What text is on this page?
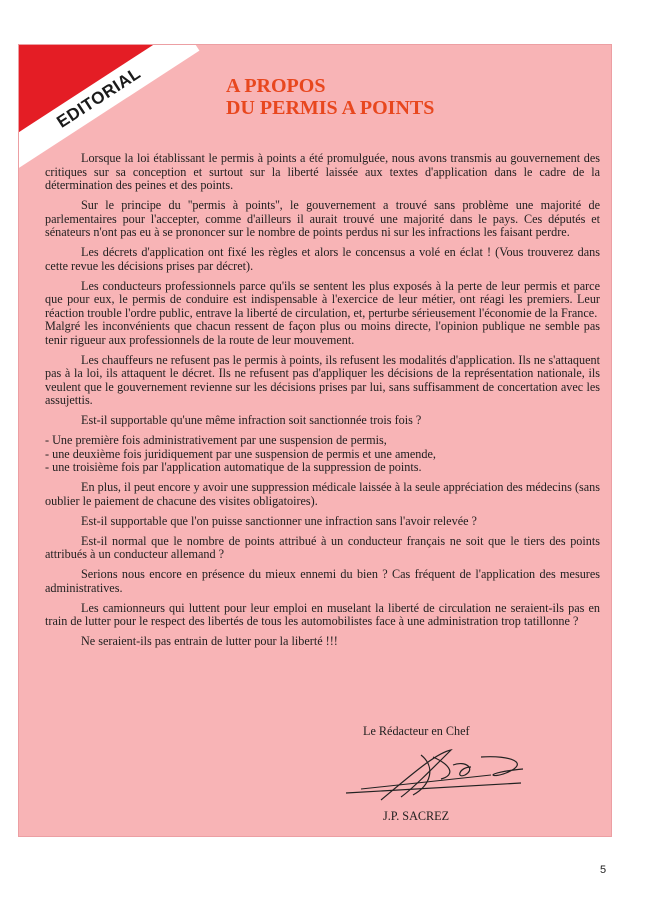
EDITORIAL	A PROPOS
DU PERMIS A POINTS

Lorsque la loi établissant le permis à points a été promulguée, nous avons transmis au gouvernement des critiques sur sa conception et surtout sur la liberté laissée aux textes d'application dans le cadre de la détermination des peines et des points.

Sur le principe du ''permis à points'', le gouvernement a trouvé sans problème une majorité de parlementaires pour l'accepter, comme d'ailleurs il aurait trouvé une majorité dans le pays. Ces députés et sénateurs n'ont pas eu à se prononcer sur le nombre de points perdus ni sur les infractions les faisant perdre.

Les décrets d'application ont fixé les règles et alors le concensus a volé en éclat ! (Vous trouverez dans cette revue les décisions prises par décret).

Les conducteurs professionnels parce qu'ils se sentent les plus exposés à la perte de leur permis et parce que pour eux, le permis de conduire est indispensable à l'exercice de leur métier, ont réagi les premiers. Leur réaction trouble l'ordre public, entrave la liberté de circulation, et, perturbe sérieusement l'économie de la France.

Malgré les inconvénients que chacun ressent de façon plus ou moins directe, l'opinion publique ne semble pas tenir rigueur aux professionnels de la route de leur mouvement.

Les chauffeurs ne refusent pas le permis à points, ils refusent les modalités d'application. Ils ne s'attaquent pas à la loi, ils attaquent le décret. Ils ne refusent pas d'appliquer les décisions de la représentation nationale, ils veulent que le gouvernement revienne sur les décisions prises par lui, sans suffisamment de concertation avec les assujettis.

Est-il supportable qu'une même infraction soit sanctionnée trois fois ?

- Une première fois administrativement par une suspension de permis,
- une deuxième fois juridiquement par une suspension de permis et une amende,
- une troisième fois par l'application automatique de la suppression de points.

En plus, il peut encore y avoir une suppression médicale laissée à la seule appréciation des médecins (sans oublier le paiement de chacune des visites obligatoires).

Est-il supportable que l'on puisse sanctionner une infraction sans l'avoir relevée ?

Est-il normal que le nombre de points attribué à un conducteur français ne soit que le tiers des points attribués à un conducteur allemand ?

Serions nous encore en présence du mieux ennemi du bien ? Cas fréquent de l'application des mesures administratives.

Les camionneurs qui luttent pour leur emploi en muselant la liberté de circulation ne seraient-ils pas en train de lutter pour le respect des libertés de tous les automobilistes face à une administration trop tatillonne ?

Ne seraient-ils pas entrain de lutter pour la liberté !!!

Le Rédacteur en Chef
J.P. SACREZ
5
